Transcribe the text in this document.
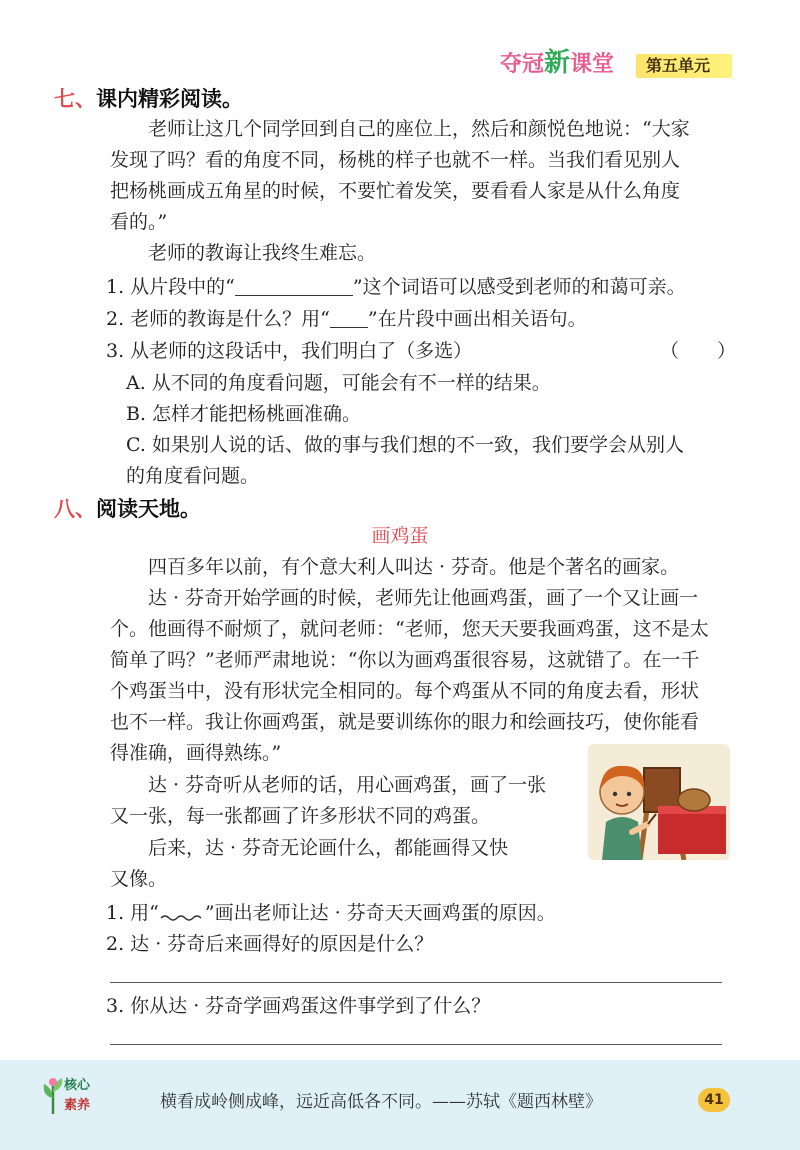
夺冠新课堂 第五单元
七、课内精彩阅读。
　　老师让这几个同学回到自己的座位上，然后和颜悦色地说：“大家
发现了吗？看的角度不同，杨桃的样子也就不一样。当我们看见别人
把杨桃画成五角星的时候，不要忙着发笑，要看看人家是从什么角度
看的。”
　　老师的教诲让我终生难忘。
1. 从片段中的“	”这个词语可以感受到老师的和蔼可亲。
2. 老师的教诲是什么？用“ ”在片段中画出相关语句。
3. 从老师的这段话中，我们明白了（多选）	（　　）
A. 从不同的角度看问题，可能会有不一样的结果。
B. 怎样才能把杨桃画准确。
C. 如果别人说的话、做的事与我们想的不一致，我们要学会从别人
的角度看问题。
八、阅读天地。
画鸡蛋
　　四百多年以前，有个意大利人叫达 · 芬奇。他是个著名的画家。
　　达 · 芬奇开始学画的时候，老师先让他画鸡蛋，画了一个又让画一
个。他画得不耐烦了，就问老师：“老师，您天天要我画鸡蛋，这不是太
简单了吗？”老师严肃地说：“你以为画鸡蛋很容易，这就错了。在一千
个鸡蛋当中，没有形状完全相同的。每个鸡蛋从不同的角度去看，形状
也不一样。我让你画鸡蛋，就是要训练你的眼力和绘画技巧，使你能看
得准确，画得熟练。”
　　达 · 芬奇听从老师的话，用心画鸡蛋，画了一张
又一张，每一张都画了许多形状不同的鸡蛋。
　　后来，达 · 芬奇无论画什么，都能画得又快
又像。
1. 用“ ”画出老师让达 · 芬奇天天画鸡蛋的原因。
2. 达 · 芬奇后来画得好的原因是什么？
3. 你从达 · 芬奇学画鸡蛋这件事学到了什么？
核心
素养	横看成岭侧成峰，远近高低各不同。——苏轼《题西林壁》	41
